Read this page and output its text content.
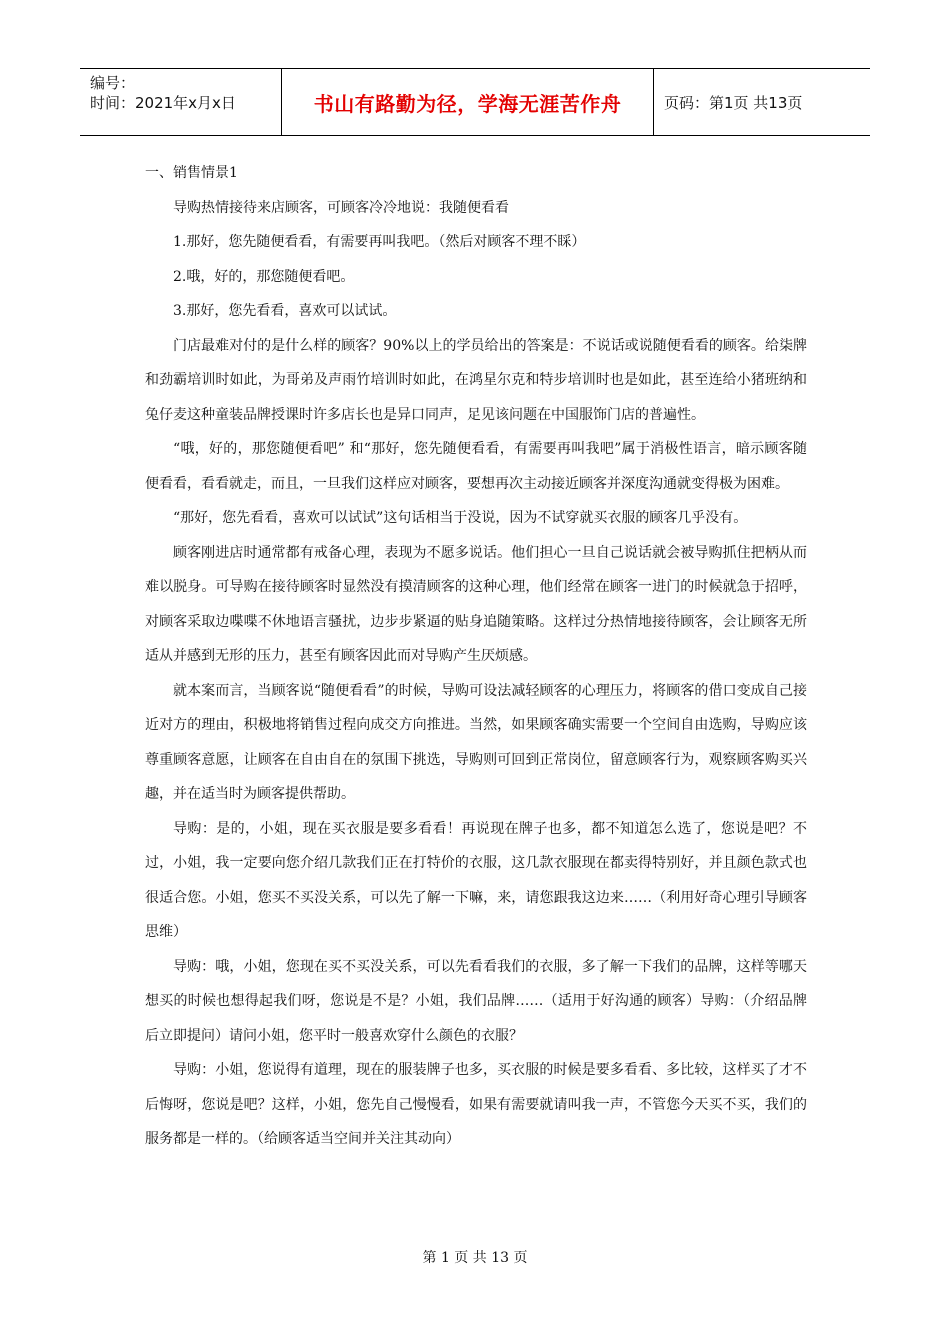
编号：
时间：2021年x月x日	书山有路勤为径，学海无涯苦作舟	页码：第1页 共13页

一、销售情景1

导购热情接待来店顾客，可顾客冷冷地说：我随便看看

1.那好，您先随便看看，有需要再叫我吧。（然后对顾客不理不睬）

2.哦，好的，那您随便看吧。

3.那好，您先看看，喜欢可以试试。

门店最难对付的是什么样的顾客？90%以上的学员给出的答案是：不说话或说随便看看的顾客。给柒牌和劲霸培训时如此，为哥弟及声雨竹培训时如此，在鸿星尔克和特步培训时也是如此，甚至连给小猪班纳和兔仔麦这种童装品牌授课时许多店长也是异口同声，足见该问题在中国服饰门店的普遍性。

“哦，好的，那您随便看吧” 和“那好，您先随便看看，有需要再叫我吧”属于消极性语言，暗示顾客随便看看，看看就走，而且，一旦我们这样应对顾客，要想再次主动接近顾客并深度沟通就变得极为困难。

“那好，您先看看，喜欢可以试试”这句话相当于没说，因为不试穿就买衣服的顾客几乎没有。

顾客刚进店时通常都有戒备心理，表现为不愿多说话。他们担心一旦自己说话就会被导购抓住把柄从而难以脱身。可导购在接待顾客时显然没有摸清顾客的这种心理，他们经常在顾客一进门的时候就急于招呼，对顾客采取边喋喋不休地语言骚扰，边步步紧逼的贴身追随策略。这样过分热情地接待顾客，会让顾客无所适从并感到无形的压力，甚至有顾客因此而对导购产生厌烦感。

就本案而言，当顾客说“随便看看”的时候，导购可设法减轻顾客的心理压力，将顾客的借口变成自己接近对方的理由，积极地将销售过程向成交方向推进。当然，如果顾客确实需要一个空间自由选购，导购应该尊重顾客意愿，让顾客在自由自在的氛围下挑选，导购则可回到正常岗位，留意顾客行为，观察顾客购买兴趣，并在适当时为顾客提供帮助。

导购：是的，小姐，现在买衣服是要多看看！再说现在牌子也多，都不知道怎么选了，您说是吧？不过，小姐，我一定要向您介绍几款我们正在打特价的衣服，这几款衣服现在都卖得特别好，并且颜色款式也很适合您。小姐，您买不买没关系，可以先了解一下嘛，来，请您跟我这边来……（利用好奇心理引导顾客思维）

导购：哦，小姐，您现在买不买没关系，可以先看看我们的衣服，多了解一下我们的品牌，这样等哪天想买的时候也想得起我们呀，您说是不是？小姐，我们品牌……（适用于好沟通的顾客）导购：（介绍品牌后立即提问）请问小姐，您平时一般喜欢穿什么颜色的衣服？

导购：小姐，您说得有道理，现在的服装牌子也多，买衣服的时候是要多看看、多比较，这样买了才不后悔呀，您说是吧？这样，小姐，您先自己慢慢看，如果有需要就请叫我一声，不管您今天买不买，我们的服务都是一样的。（给顾客适当空间并关注其动向）

第 1 页 共 13 页
